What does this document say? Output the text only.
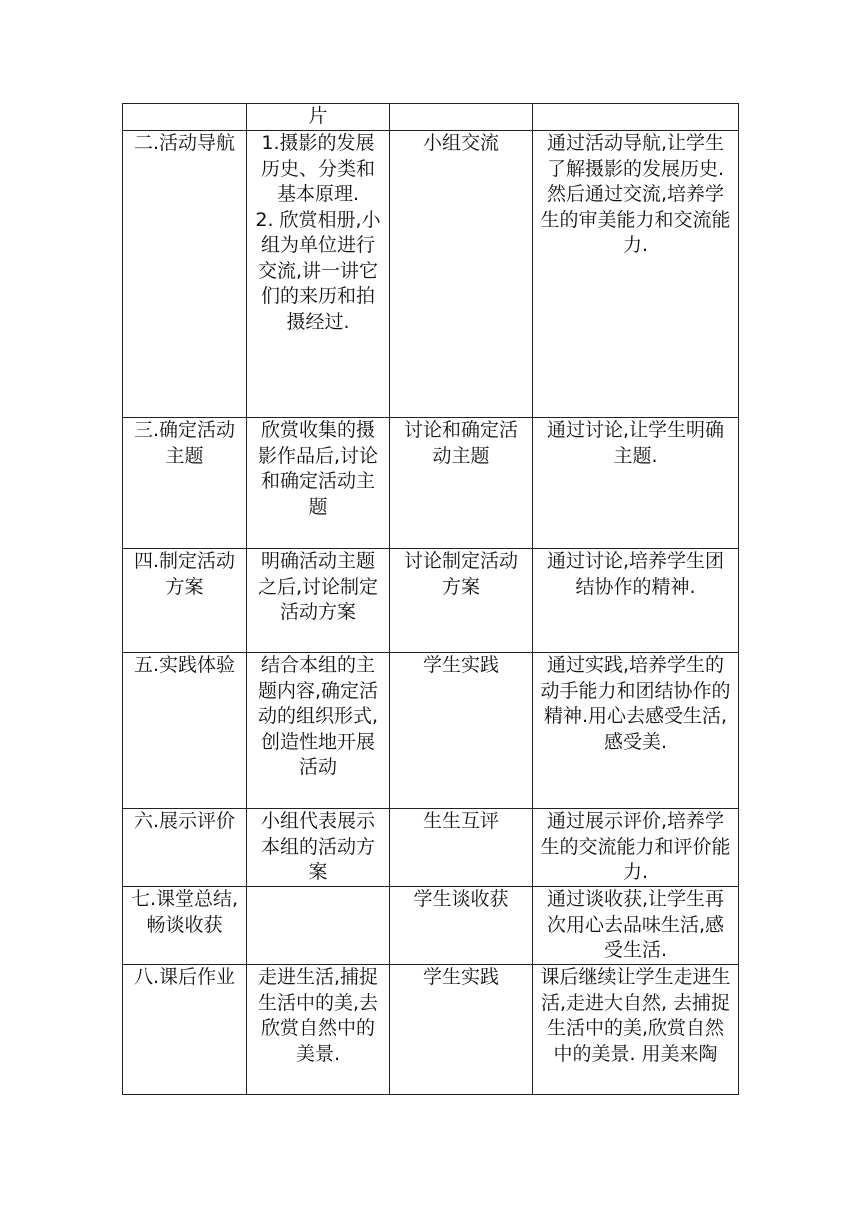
	片		

二.活动导航	1.摄影的发展历史、分类和基本原理.
2. 欣赏相册,小组为单位进行交流,讲一讲它们的来历和拍摄经过.	小组交流	通过活动导航,让学生了解摄影的发展历史.然后通过交流,培养学生的审美能力和交流能力.

三.确定活动主题	欣赏收集的摄影作品后,讨论和确定活动主题	讨论和确定活动主题	通过讨论,让学生明确主题.

四.制定活动方案	明确活动主题之后,讨论制定活动方案	讨论制定活动方案	通过讨论,培养学生团结协作的精神.

五.实践体验	结合本组的主题内容,确定活动的组织形式,创造性地开展活动	学生实践	通过实践,培养学生的动手能力和团结协作的精神.用心去感受生活,感受美.

六.展示评价	小组代表展示本组的活动方案	生生互评	通过展示评价,培养学生的交流能力和评价能力.

七.课堂总结,畅谈收获		学生谈收获	通过谈收获,让学生再次用心去品味生活,感受生活.

八.课后作业	走进生活,捕捉生活中的美,去欣赏自然中的美景.	学生实践	课后继续让学生走进生活,走进大自然, 去捕捉生活中的美,欣赏自然中的美景. 用美来陶
